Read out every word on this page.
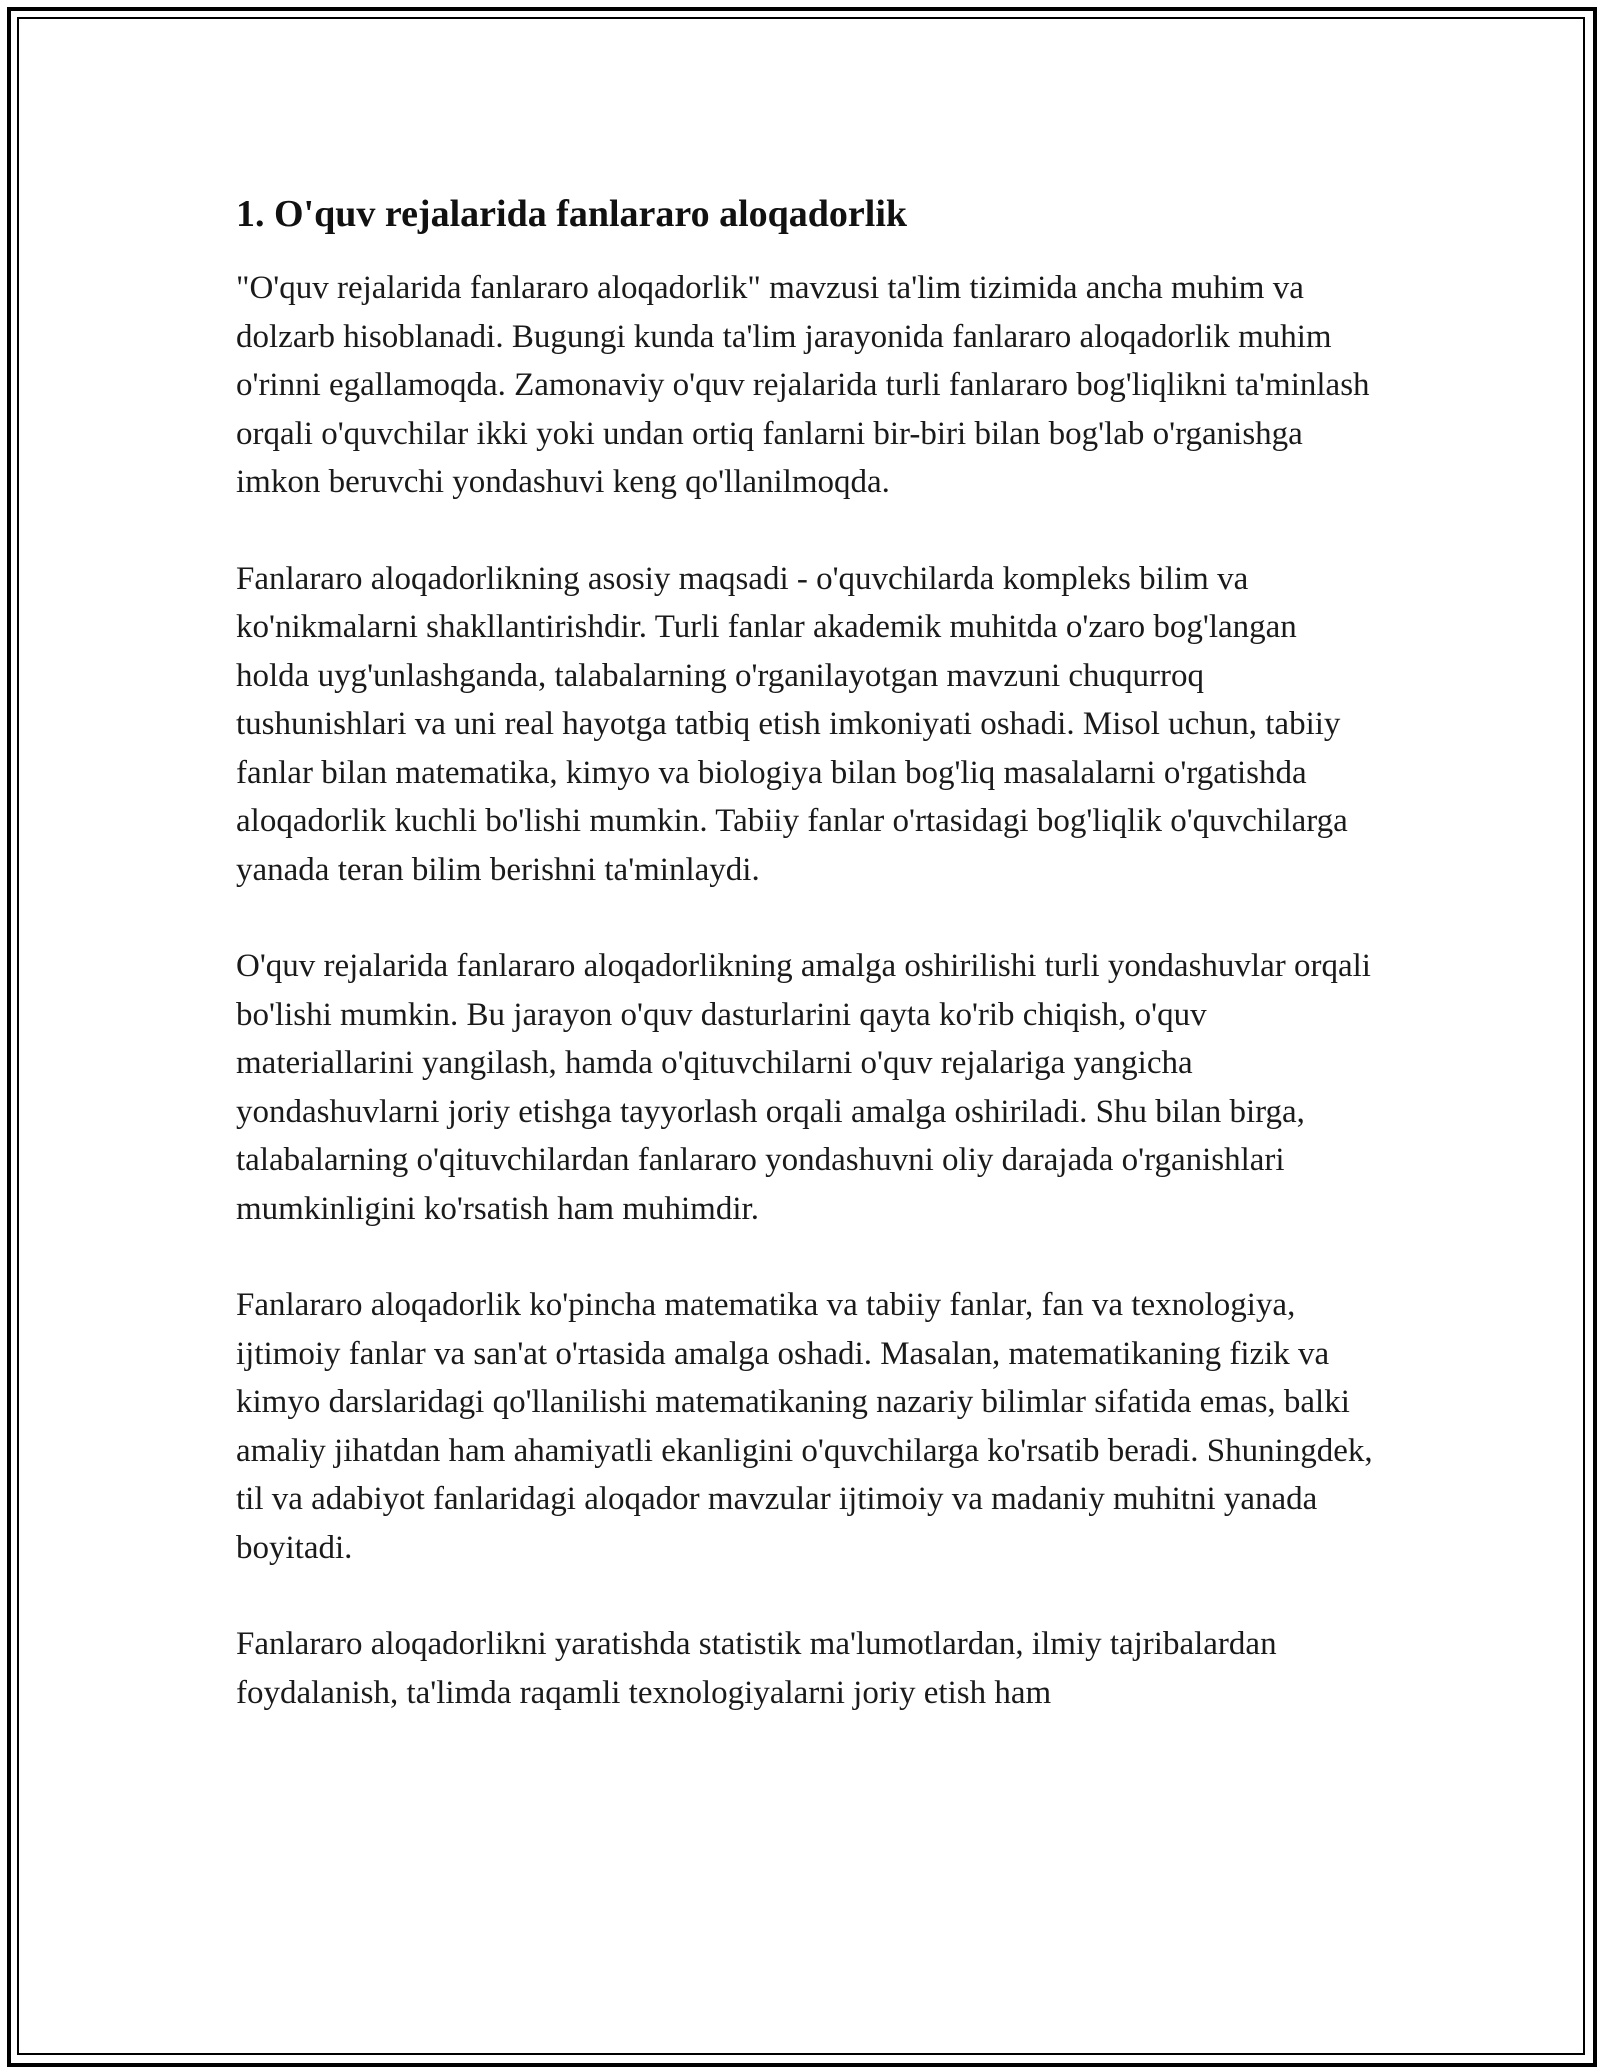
1. O'quv rejalarida fanlararo aloqadorlik

"O'quv rejalarida fanlararo aloqadorlik" mavzusi ta'lim tizimida ancha muhim va dolzarb hisoblanadi. Bugungi kunda ta'lim jarayonida fanlararo aloqadorlik muhim o'rinni egallamoqda. Zamonaviy o'quv rejalarida turli fanlararo bog'liqlikni ta'minlash orqali o'quvchilar ikki yoki undan ortiq fanlarni bir-biri bilan bog'lab o'rganishga imkon beruvchi yondashuvi keng qo'llanilmoqda.

Fanlararo aloqadorlikning asosiy maqsadi - o'quvchilarda kompleks bilim va ko'nikmalarni shakllantirishdir. Turli fanlar akademik muhitda o'zaro bog'langan holda uyg'unlashganda, talabalarning o'rganilayotgan mavzuni chuqurroq tushunishlari va uni real hayotga tatbiq etish imkoniyati oshadi. Misol uchun, tabiiy fanlar bilan matematika, kimyo va biologiya bilan bog'liq masalalarni o'rgatishda aloqadorlik kuchli bo'lishi mumkin. Tabiiy fanlar o'rtasidagi bog'liqlik o'quvchilarga yanada teran bilim berishni ta'minlaydi.

O'quv rejalarida fanlararo aloqadorlikning amalga oshirilishi turli yondashuvlar orqali bo'lishi mumkin. Bu jarayon o'quv dasturlarini qayta ko'rib chiqish, o'quv materiallarini yangilash, hamda o'qituvchilarni o'quv rejalariga yangicha yondashuvlarni joriy etishga tayyorlash orqali amalga oshiriladi. Shu bilan birga, talabalarning o'qituvchilardan fanlararo yondashuvni oliy darajada o'rganishlari mumkinligini ko'rsatish ham muhimdir.

Fanlararo aloqadorlik ko'pincha matematika va tabiiy fanlar, fan va texnologiya, ijtimoiy fanlar va san'at o'rtasida amalga oshadi. Masalan, matematikaning fizik va kimyo darslaridagi qo'llanilishi matematikaning nazariy bilimlar sifatida emas, balki amaliy jihatdan ham ahamiyatli ekanligini o'quvchilarga ko'rsatib beradi. Shuningdek, til va adabiyot fanlaridagi aloqador mavzular ijtimoiy va madaniy muhitni yanada boyitadi.

Fanlararo aloqadorlikni yaratishda statistik ma'lumotlardan, ilmiy tajribalardan foydalanish, ta'limda raqamli texnologiyalarni joriy etish ham
